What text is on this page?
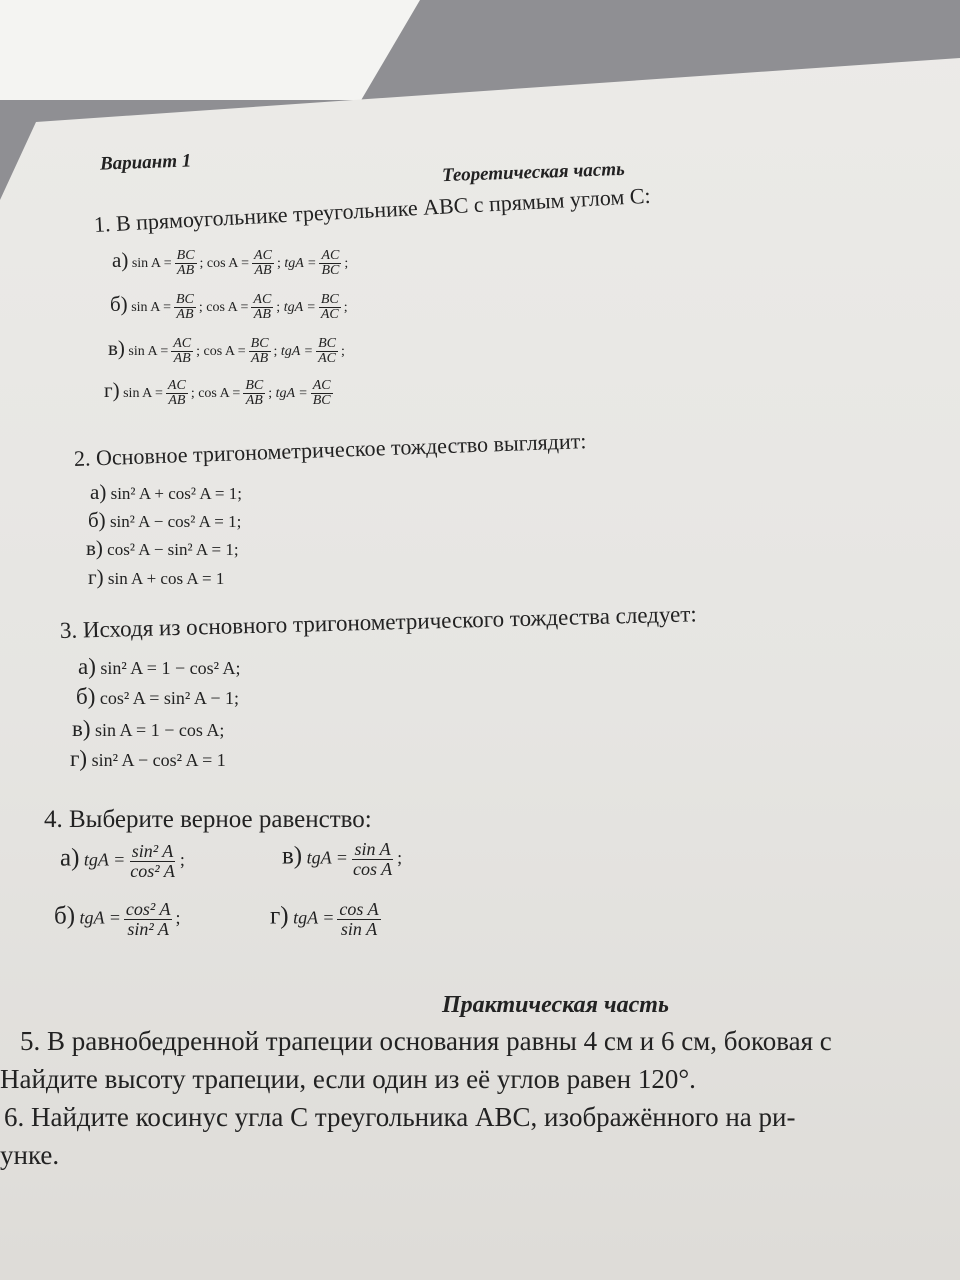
Вариант 1	Теоретическая часть
1. В прямоугольнике треугольнике АВС с прямым углом С:
а) $\sin A = \frac{BC}{AB}$ ; $\cos A = \frac{AC}{AB}$ ; tgA = $\frac{AC}{BC}$ ;
б) $\sin A = \frac{BC}{AB}$ ; $\cos A = \frac{AC}{AB}$ ; tgA = $\frac{BC}{AC}$ ;
в) $\sin A = \frac{AC}{AB}$ ; $\cos A = \frac{BC}{AB}$ ; tgA = $\frac{BC}{AC}$ ;
г) $\sin A = \frac{AC}{AB}$ ; $\cos A = \frac{BC}{AB}$ ; tgA = $\frac{AC}{BC}$
2. Основное тригонометрическое тождество выглядит:
а) sin² A + cos² A = 1;
б) sin² A − cos² A = 1;
в) cos² A − sin² A = 1;
г) sin A + cos A = 1
3. Исходя из основного тригонометрического тождества следует:
а) sin² A = 1 − cos² A;
б) cos² A = sin² A − 1;
в) sin A = 1 − cos A;
г) sin² A − cos² A = 1
4. Выберите верное равенство:
а) tgA = $\frac{\text{sin² A}}{\text{cos² A}}$ ;	в) tgA = $\frac{\text{sin A}}{\text{cos A}}$ ;
б) tgA = $\frac{\text{cos² A}}{\text{sin² A}}$ ;	г) tgA = $\frac{\text{cos A}}{\text{sin A}}$
Практическая часть
5. В равнобедренной трапеции основания равны 4 см и 6 см, боковая с
Найдите высоту трапеции, если один из её углов равен 120°.
6. Найдите косинус угла C треугольника ABC, изображённого на ри-
унке.
